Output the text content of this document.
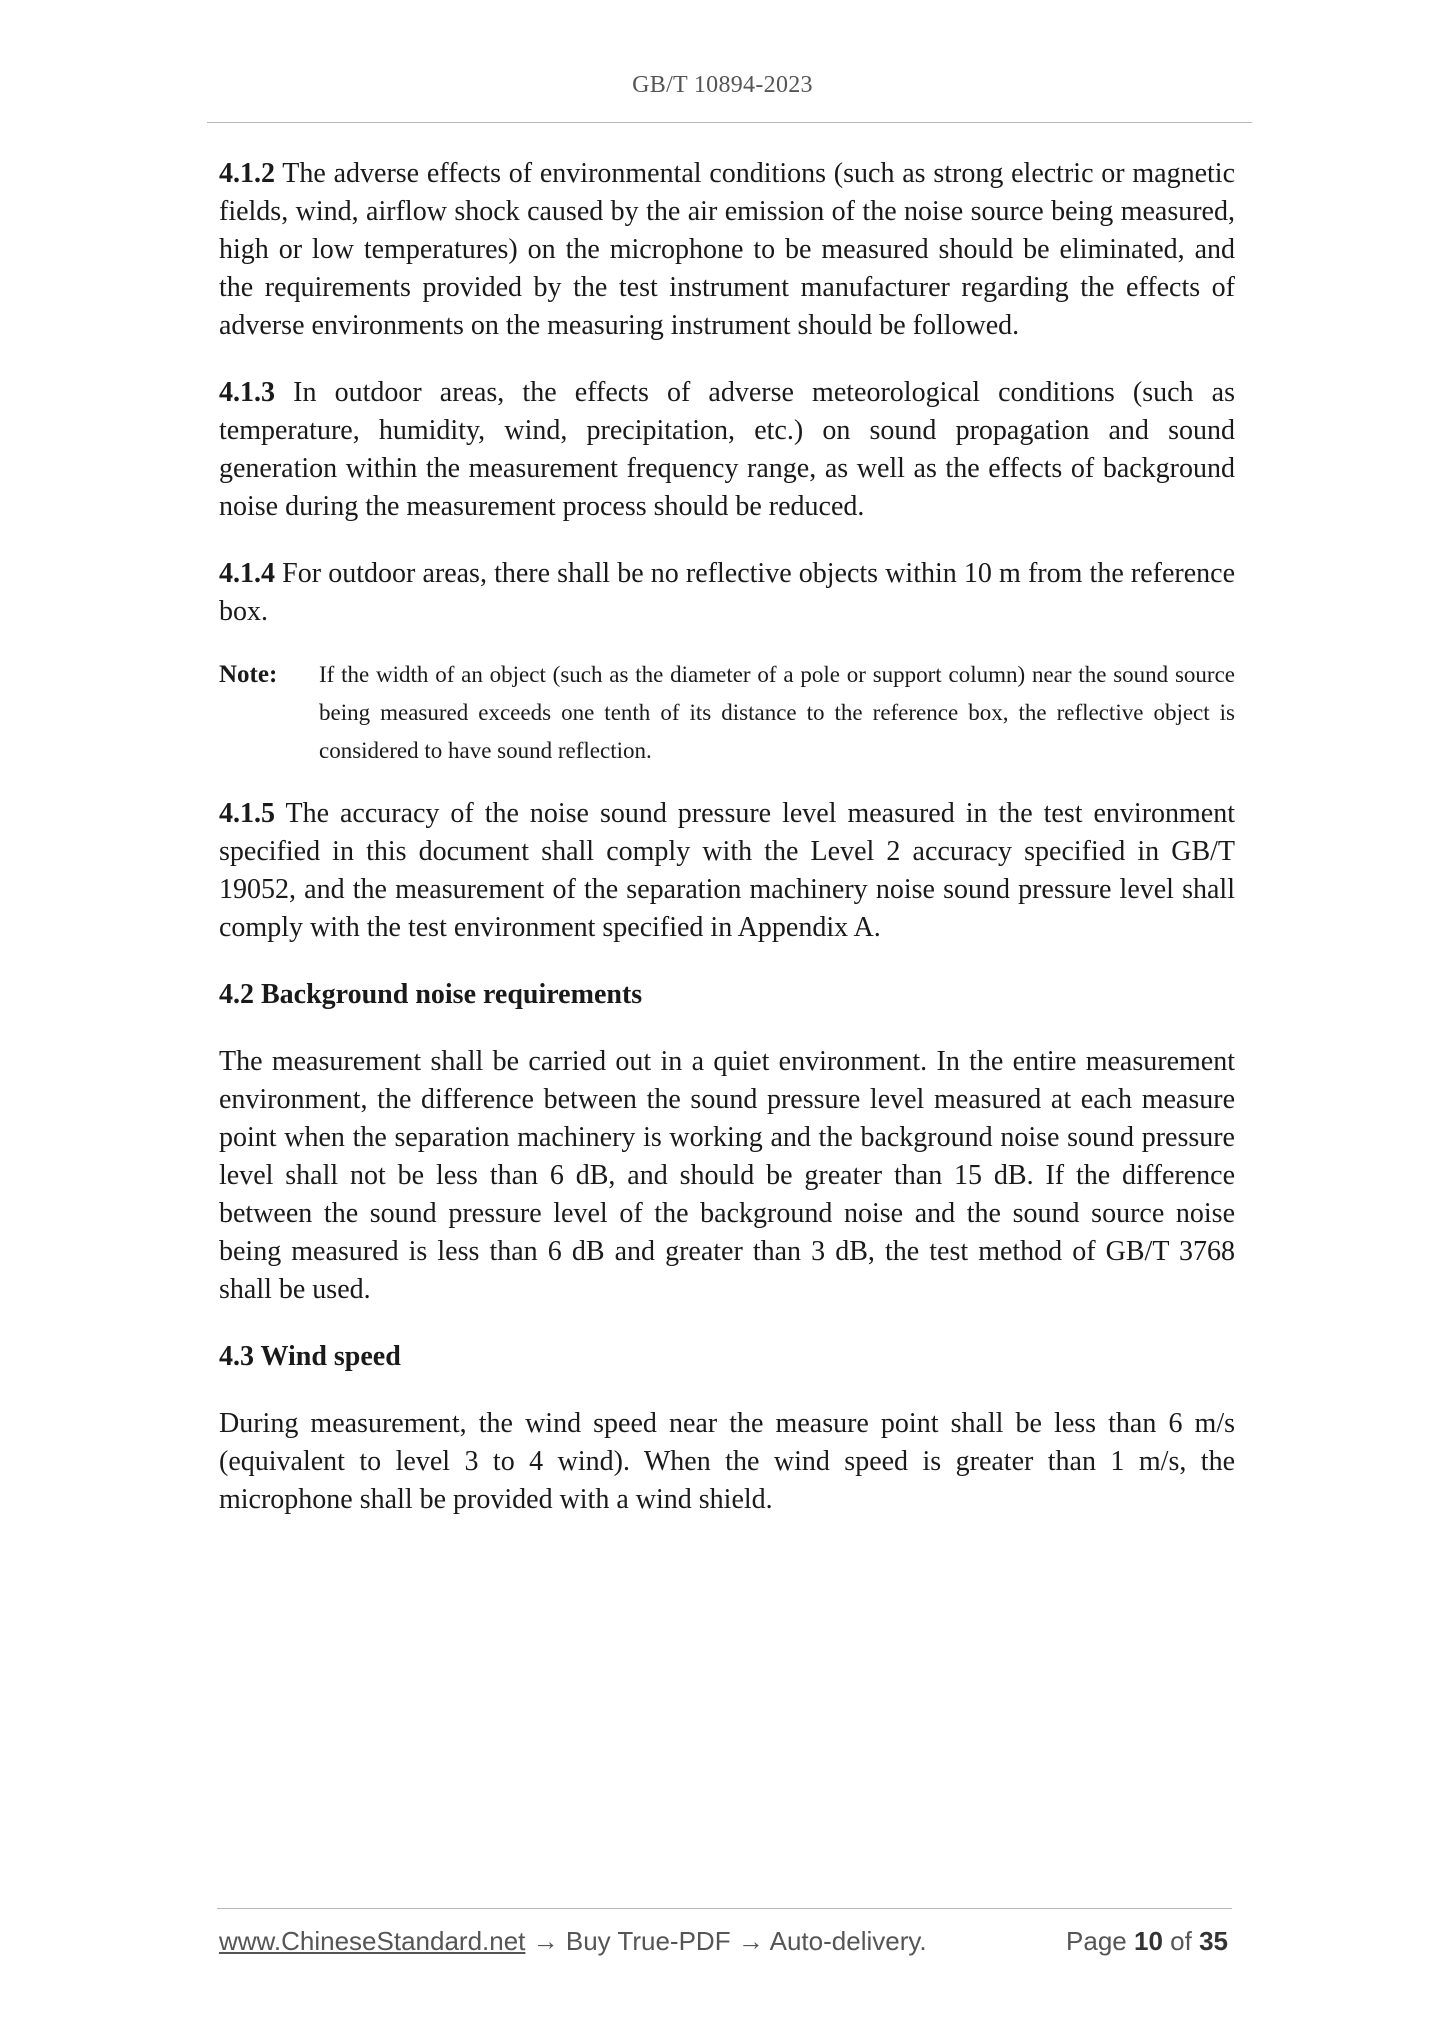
GB/T 10894-2023

4.1.2 The adverse effects of environmental conditions (such as strong electric or magnetic fields, wind, airflow shock caused by the air emission of the noise source being measured, high or low temperatures) on the microphone to be measured should be eliminated, and the requirements provided by the test instrument manufacturer regarding the effects of adverse environments on the measuring instrument should be followed.

4.1.3 In outdoor areas, the effects of adverse meteorological conditions (such as temperature, humidity, wind, precipitation, etc.) on sound propagation and sound generation within the measurement frequency range, as well as the effects of background noise during the measurement process should be reduced.

4.1.4 For outdoor areas, there shall be no reflective objects within 10 m from the reference box.

Note:	If the width of an object (such as the diameter of a pole or support column) near the sound source being measured exceeds one tenth of its distance to the reference box, the reflective object is considered to have sound reflection.

4.1.5 The accuracy of the noise sound pressure level measured in the test environment specified in this document shall comply with the Level 2 accuracy specified in GB/T 19052, and the measurement of the separation machinery noise sound pressure level shall comply with the test environment specified in Appendix A.

4.2 Background noise requirements

The measurement shall be carried out in a quiet environment. In the entire measurement environment, the difference between the sound pressure level measured at each measure point when the separation machinery is working and the background noise sound pressure level shall not be less than 6 dB, and should be greater than 15 dB. If the difference between the sound pressure level of the background noise and the sound source noise being measured is less than 6 dB and greater than 3 dB, the test method of GB/T 3768 shall be used.

4.3 Wind speed

During measurement, the wind speed near the measure point shall be less than 6 m/s (equivalent to level 3 to 4 wind). When the wind speed is greater than 1 m/s, the microphone shall be provided with a wind shield.

www.ChineseStandard.net → Buy True-PDF → Auto-delivery.	Page 10 of 35
